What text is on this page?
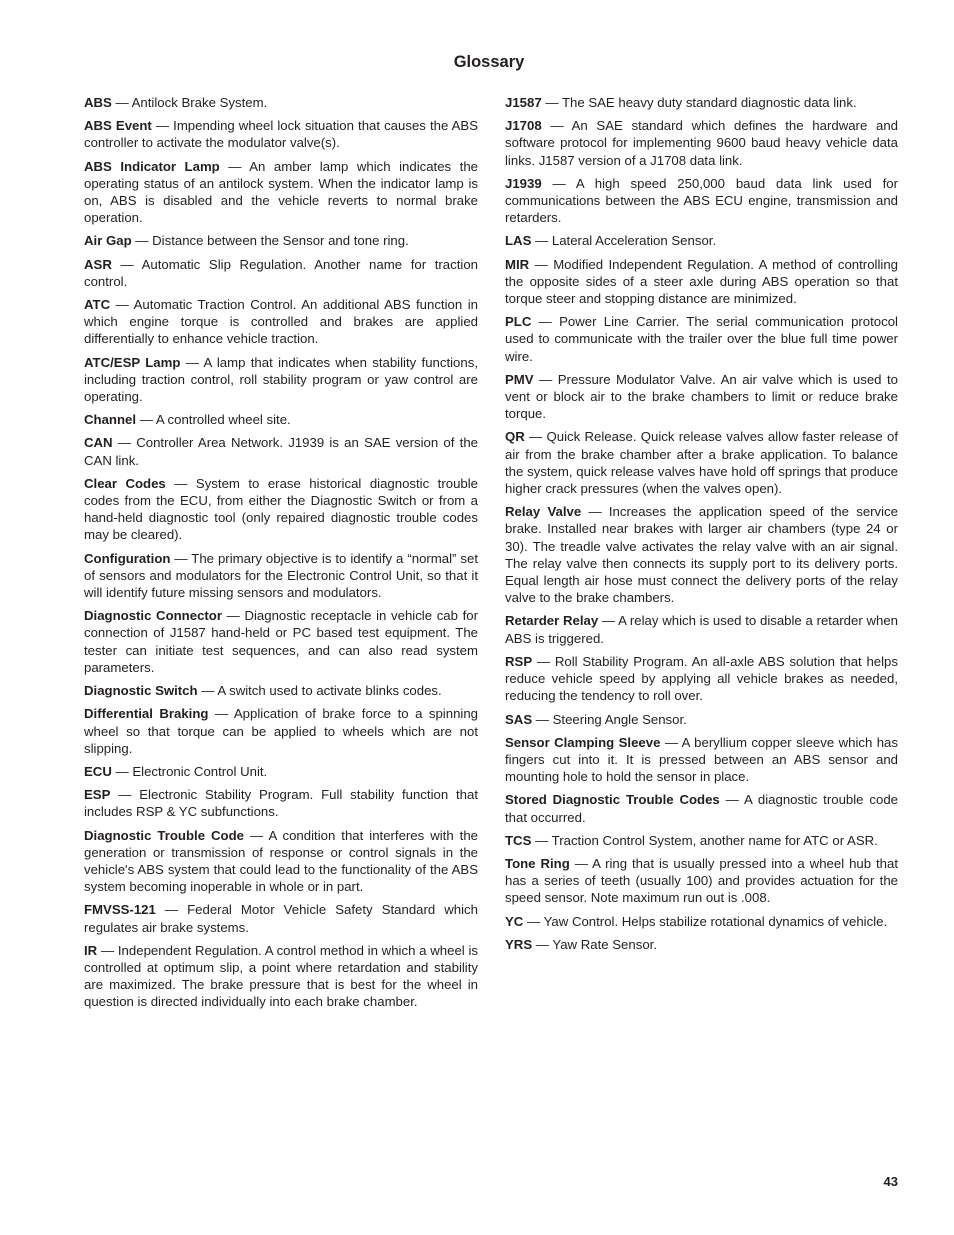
Glossary

ABS — Antilock Brake System.

ABS Event — Impending wheel lock situation that causes the ABS controller to activate the modulator valve(s).

ABS Indicator Lamp — An amber lamp which indicates the operating status of an antilock system. When the indicator lamp is on, ABS is disabled and the vehicle reverts to normal brake operation.

Air Gap — Distance between the Sensor and tone ring.

ASR — Automatic Slip Regulation. Another name for traction control.

ATC — Automatic Traction Control. An additional ABS function in which engine torque is controlled and brakes are applied differentially to enhance vehicle traction.

ATC/ESP Lamp — A lamp that indicates when stability functions, including traction control, roll stability program or yaw control are operating.

Channel — A controlled wheel site.

CAN — Controller Area Network. J1939 is an SAE version of the CAN link.

Clear Codes — System to erase historical diagnostic trouble codes from the ECU, from either the Diagnostic Switch or from a hand-held diagnostic tool (only repaired diagnostic trouble codes may be cleared).

Configuration — The primary objective is to identify a “normal” set of sensors and modulators for the Electronic Control Unit, so that it will identify future missing sensors and modulators.

Diagnostic Connector — Diagnostic receptacle in vehicle cab for connection of J1587 hand-held or PC based test equipment. The tester can initiate test sequences, and can also read system parameters.

Diagnostic Switch — A switch used to activate blinks codes.

Differential Braking — Application of brake force to a spinning wheel so that torque can be applied to wheels which are not slipping.

ECU — Electronic Control Unit.

ESP — Electronic Stability Program. Full stability function that includes RSP & YC subfunctions.

Diagnostic Trouble Code — A condition that interferes with the generation or transmission of response or control signals in the vehicle's ABS system that could lead to the functionality of the ABS system becoming inoperable in whole or in part.

FMVSS-121 — Federal Motor Vehicle Safety Standard which regulates air brake systems.

IR — Independent Regulation. A control method in which a wheel is controlled at optimum slip, a point where retardation and stability are maximized. The brake pressure that is best for the wheel in question is directed individually into each brake chamber.

J1587 — The SAE heavy duty standard diagnostic data link.

J1708 — An SAE standard which defines the hardware and software protocol for implementing 9600 baud heavy vehicle data links. J1587 version of a J1708 data link.

J1939 — A high speed 250,000 baud data link used for communications between the ABS ECU engine, transmission and retarders.

LAS — Lateral Acceleration Sensor.

MIR — Modified Independent Regulation. A method of controlling the opposite sides of a steer axle during ABS operation so that torque steer and stopping distance are minimized.

PLC — Power Line Carrier. The serial communication protocol used to communicate with the trailer over the blue full time power wire.

PMV — Pressure Modulator Valve. An air valve which is used to vent or block air to the brake chambers to limit or reduce brake torque.

QR — Quick Release. Quick release valves allow faster release of air from the brake chamber after a brake application. To balance the system, quick release valves have hold off springs that produce higher crack pressures (when the valves open).

Relay Valve — Increases the application speed of the service brake. Installed near brakes with larger air chambers (type 24 or 30). The treadle valve activates the relay valve with an air signal. The relay valve then connects its supply port to its delivery ports. Equal length air hose must connect the delivery ports of the relay valve to the brake chambers.

Retarder Relay — A relay which is used to disable a retarder when ABS is triggered.

RSP — Roll Stability Program. An all-axle ABS solution that helps reduce vehicle speed by applying all vehicle brakes as needed, reducing the tendency to roll over.

SAS — Steering Angle Sensor.

Sensor Clamping Sleeve — A beryllium copper sleeve which has fingers cut into it. It is pressed between an ABS sensor and mounting hole to hold the sensor in place.

Stored Diagnostic Trouble Codes — A diagnostic trouble code that occurred.

TCS — Traction Control System, another name for ATC or ASR.

Tone Ring — A ring that is usually pressed into a wheel hub that has a series of teeth (usually 100) and provides actuation for the speed sensor. Note maximum run out is .008.

YC — Yaw Control. Helps stabilize rotational dynamics of vehicle.

YRS — Yaw Rate Sensor.

43
